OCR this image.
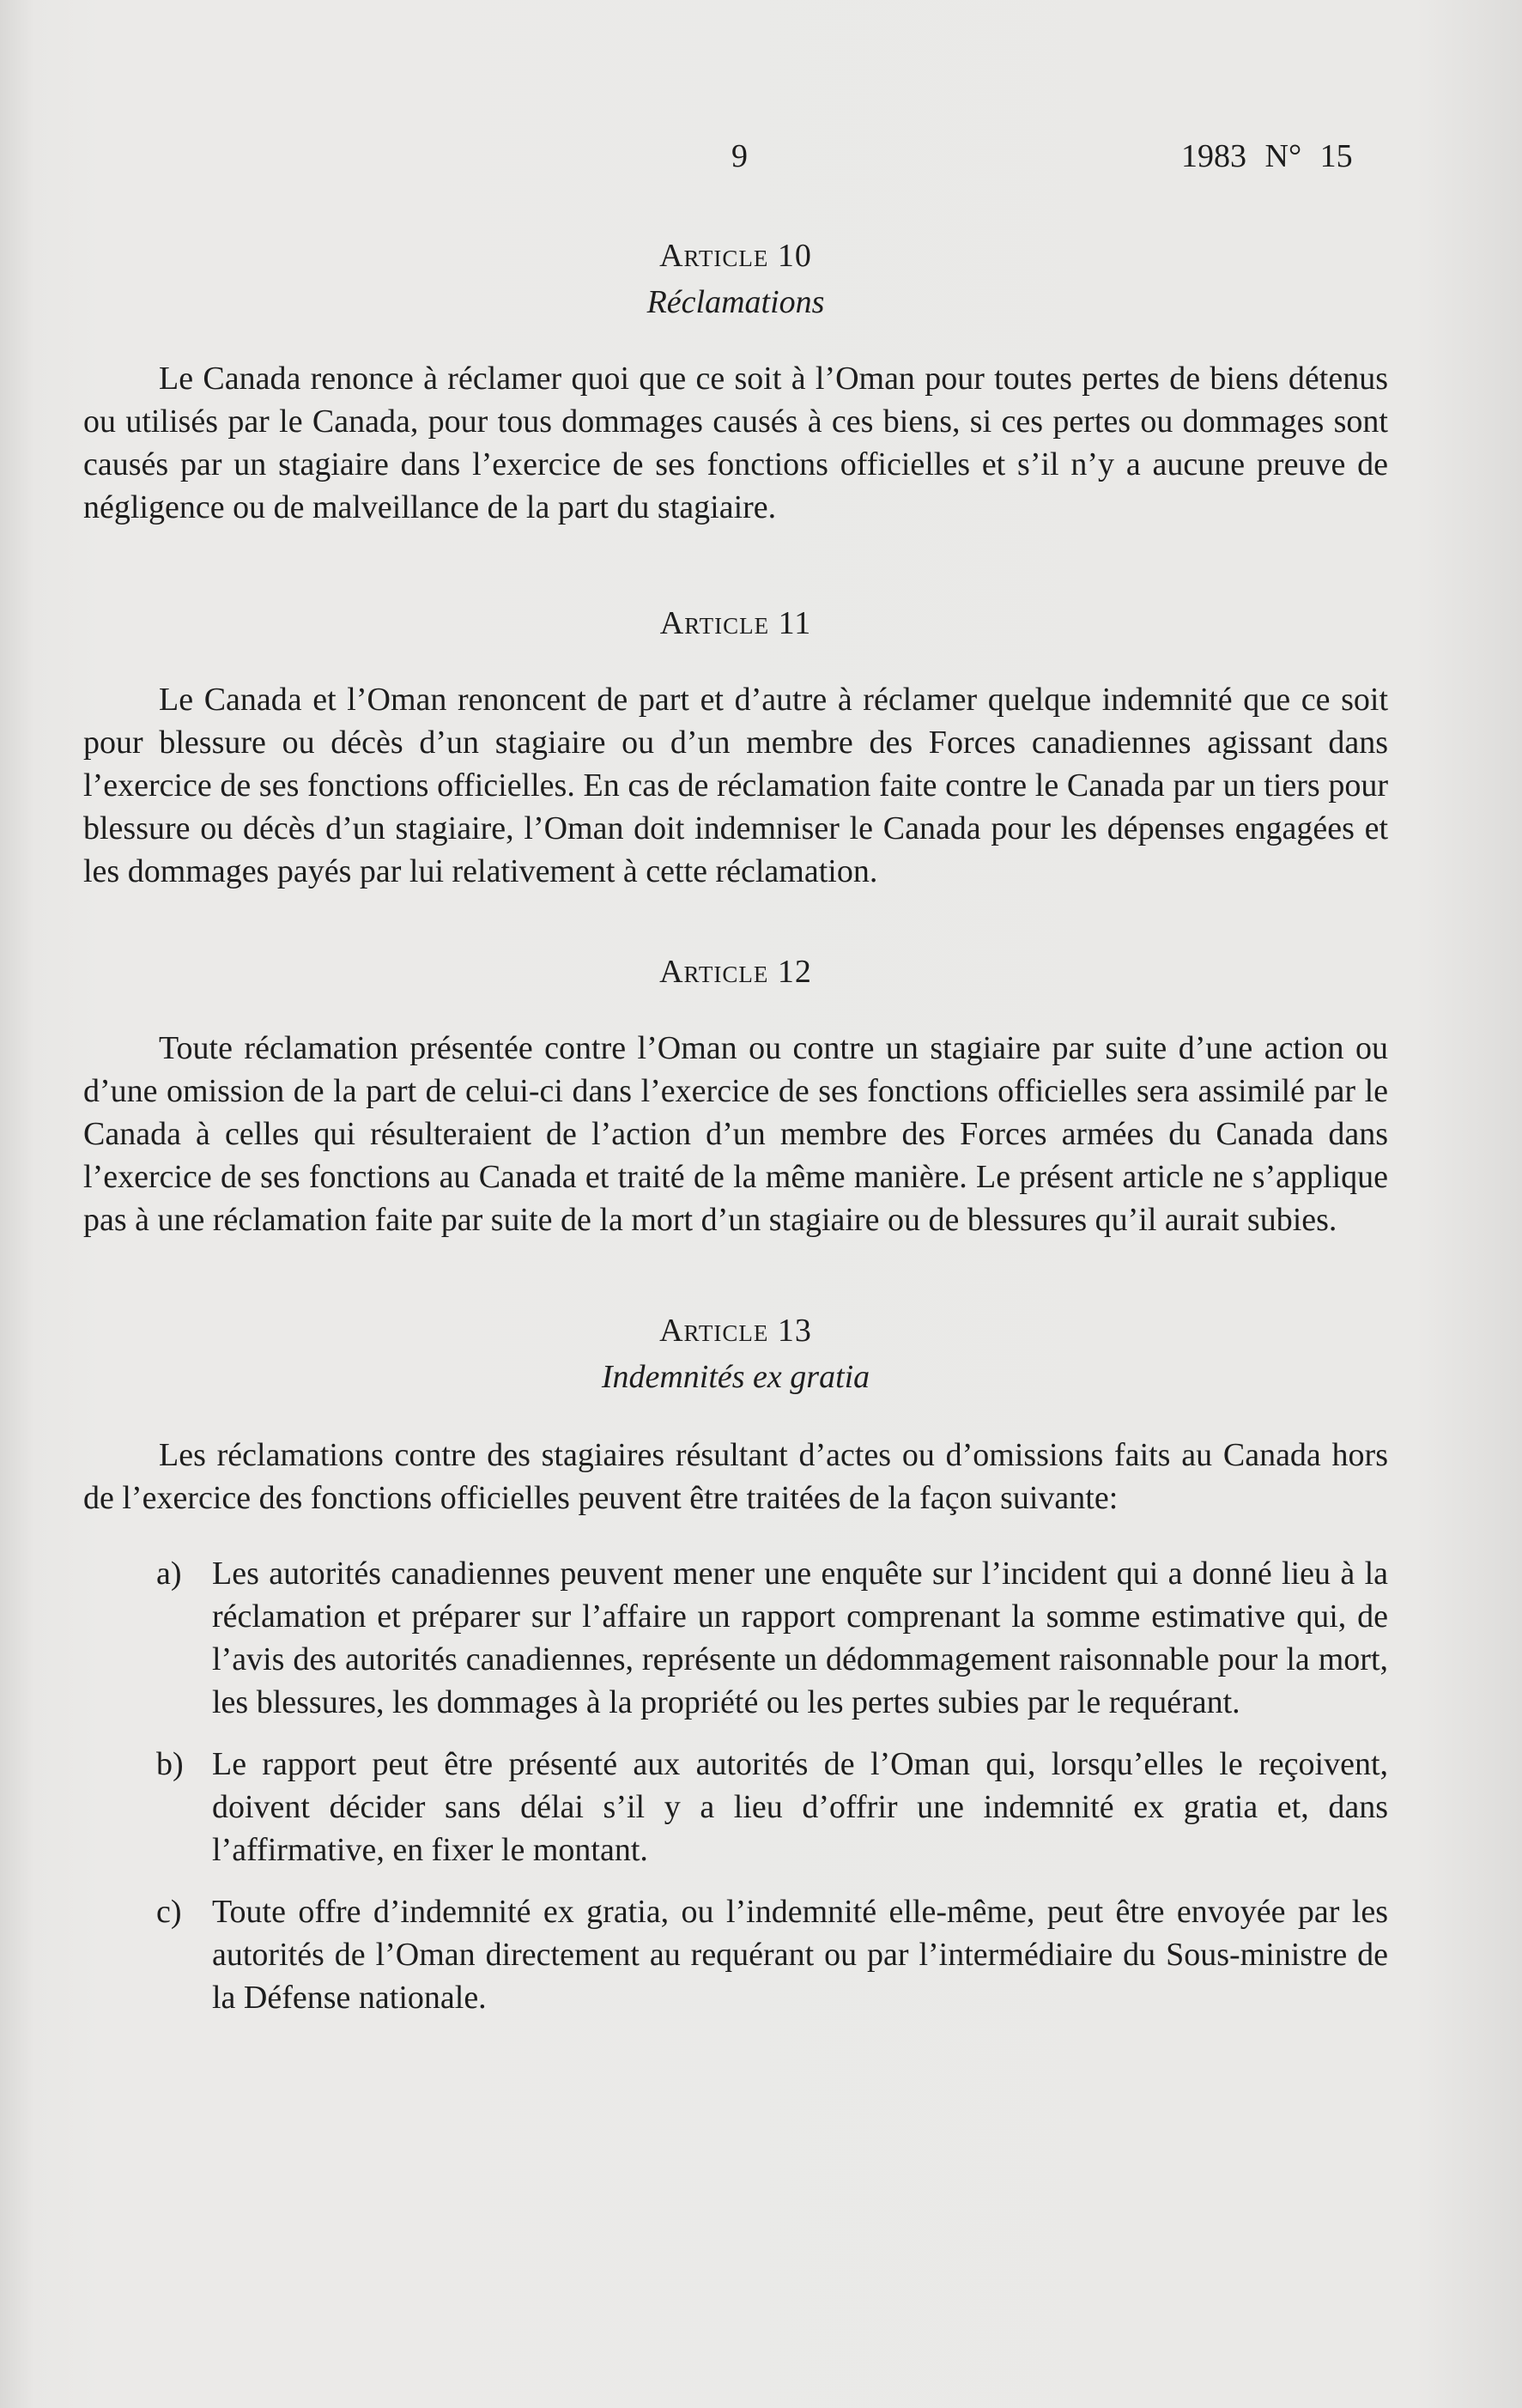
9	1983 N° 15
Article 10
Réclamations

Le Canada renonce à réclamer quoi que ce soit à l’Oman pour toutes pertes de biens détenus ou utilisés par le Canada, pour tous dommages causés à ces biens, si ces pertes ou dommages sont causés par un stagiaire dans l’exercice de ses fonctions officielles et s’il n’y a aucune preuve de négligence ou de malveillance de la part du stagiaire.

Article 11

Le Canada et l’Oman renoncent de part et d’autre à réclamer quelque indemnité que ce soit pour blessure ou décès d’un stagiaire ou d’un membre des Forces canadiennes agissant dans l’exercice de ses fonctions officielles. En cas de réclamation faite contre le Canada par un tiers pour blessure ou décès d’un stagiaire, l’Oman doit indemniser le Canada pour les dépenses engagées et les dommages payés par lui relativement à cette réclamation.

Article 12

Toute réclamation présentée contre l’Oman ou contre un stagiaire par suite d’une action ou d’une omission de la part de celui-ci dans l’exercice de ses fonctions officielles sera assimilé par le Canada à celles qui résulteraient de l’action d’un membre des Forces armées du Canada dans l’exercice de ses fonctions au Canada et traité de la même manière. Le présent article ne s’applique pas à une réclamation faite par suite de la mort d’un stagiaire ou de blessures qu’il aurait subies.

Article 13
Indemnités ex gratia

Les réclamations contre des stagiaires résultant d’actes ou d’omissions faits au Canada hors de l’exercice des fonctions officielles peuvent être traitées de la façon suivante:

a) Les autorités canadiennes peuvent mener une enquête sur l’incident qui a donné lieu à la réclamation et préparer sur l’affaire un rapport comprenant la somme estimative qui, de l’avis des autorités canadiennes, représente un dédommagement raisonnable pour la mort, les blessures, les dommages à la propriété ou les pertes subies par le requérant.
b) Le rapport peut être présenté aux autorités de l’Oman qui, lorsqu’elles le reçoivent, doivent décider sans délai s’il y a lieu d’offrir une indemnité ex gratia et, dans l’affirmative, en fixer le montant.
c) Toute offre d’indemnité ex gratia, ou l’indemnité elle-même, peut être envoyée par les autorités de l’Oman directement au requérant ou par l’intermédiaire du Sous-ministre de la Défense nationale.
